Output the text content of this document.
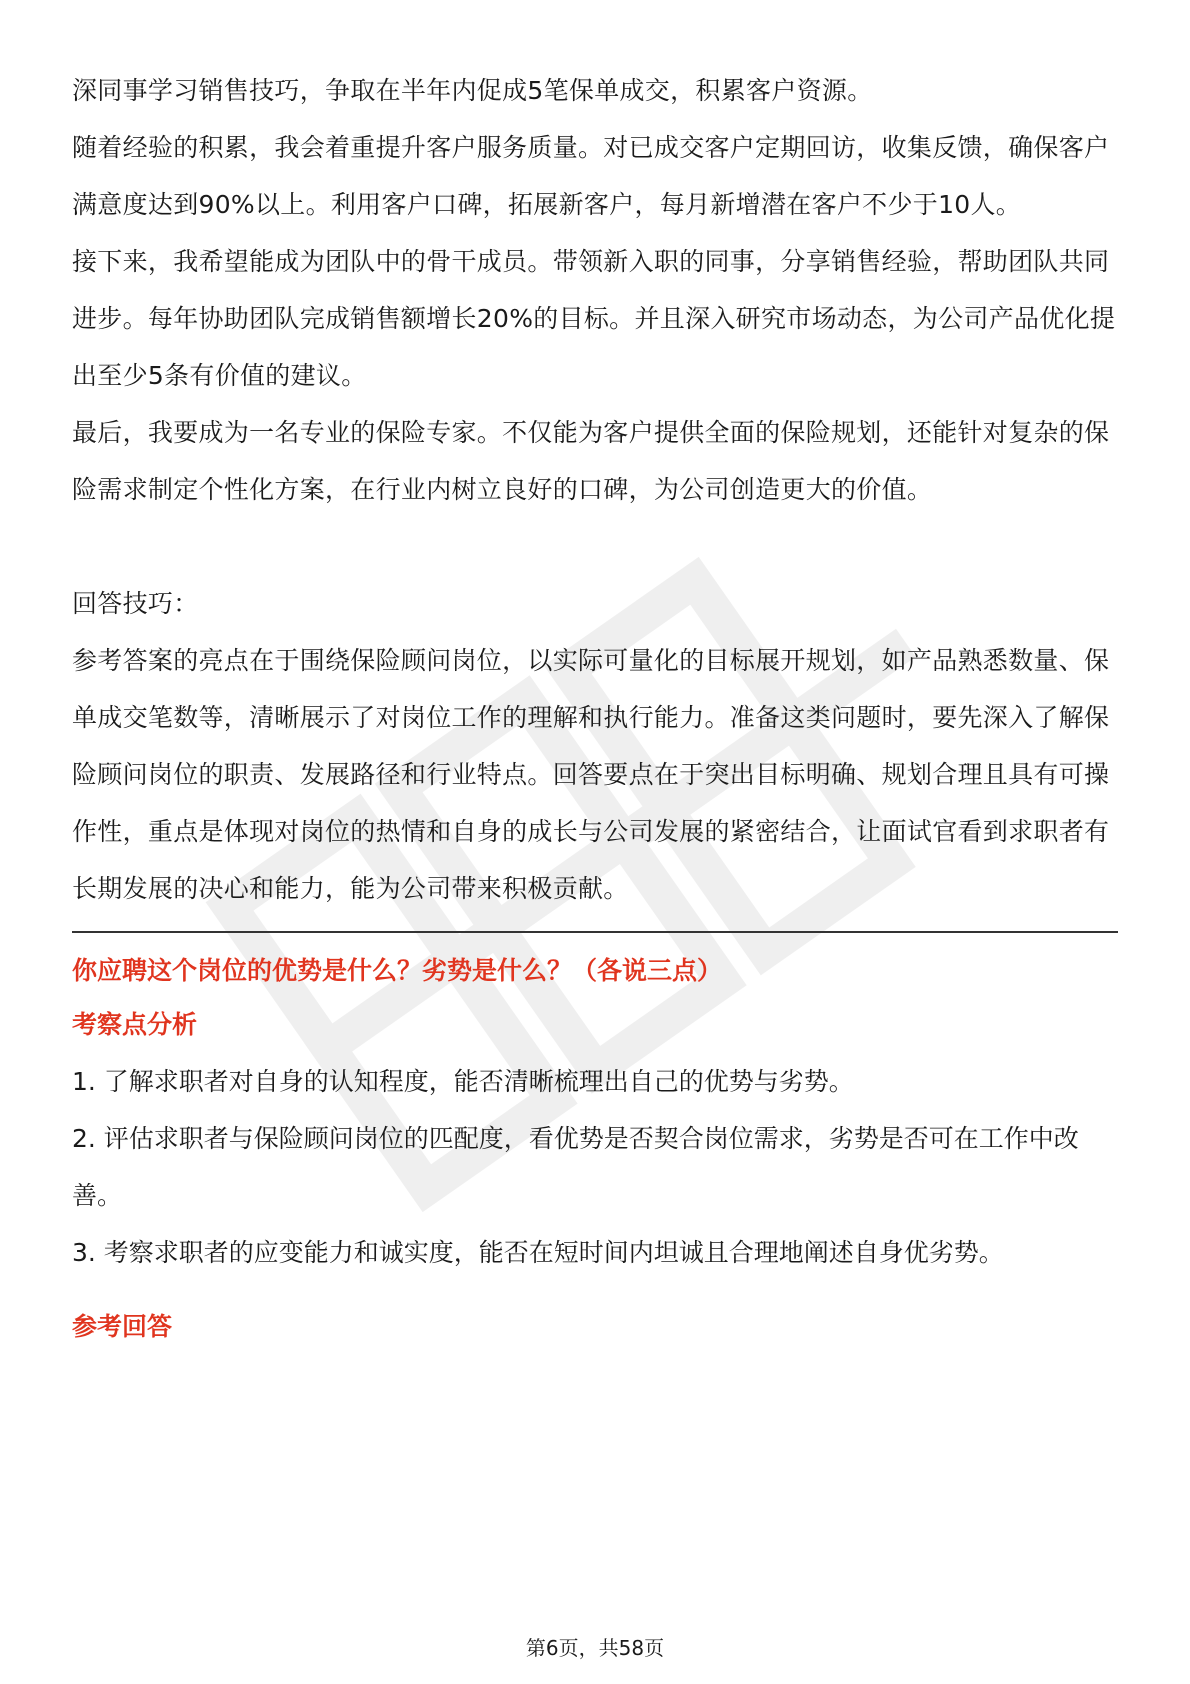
深同事学习销售技巧，争取在半年内促成5笔保单成交，积累客户资源。

随着经验的积累，我会着重提升客户服务质量。对已成交客户定期回访，收集反馈，确保客户满意度达到90%以上。利用客户口碑，拓展新客户，每月新增潜在客户不少于10人。

接下来，我希望能成为团队中的骨干成员。带领新入职的同事，分享销售经验，帮助团队共同进步。每年协助团队完成销售额增长20%的目标。并且深入研究市场动态，为公司产品优化提出至少5条有价值的建议。

最后，我要成为一名专业的保险专家。不仅能为客户提供全面的保险规划，还能针对复杂的保险需求制定个性化方案，在行业内树立良好的口碑，为公司创造更大的价值。

回答技巧：

参考答案的亮点在于围绕保险顾问岗位，以实际可量化的目标展开规划，如产品熟悉数量、保单成交笔数等，清晰展示了对岗位工作的理解和执行能力。准备这类问题时，要先深入了解保险顾问岗位的职责、发展路径和行业特点。回答要点在于突出目标明确、规划合理且具有可操作性，重点是体现对岗位的热情和自身的成长与公司发展的紧密结合，让面试官看到求职者有长期发展的决心和能力，能为公司带来积极贡献。

你应聘这个岗位的优势是什么？劣势是什么？（各说三点）

考察点分析

1. 了解求职者对自身的认知程度，能否清晰梳理出自己的优势与劣势。

2. 评估求职者与保险顾问岗位的匹配度，看优势是否契合岗位需求，劣势是否可在工作中改善。

3. 考察求职者的应变能力和诚实度，能否在短时间内坦诚且合理地阐述自身优劣势。

参考回答

第6页，共58页
